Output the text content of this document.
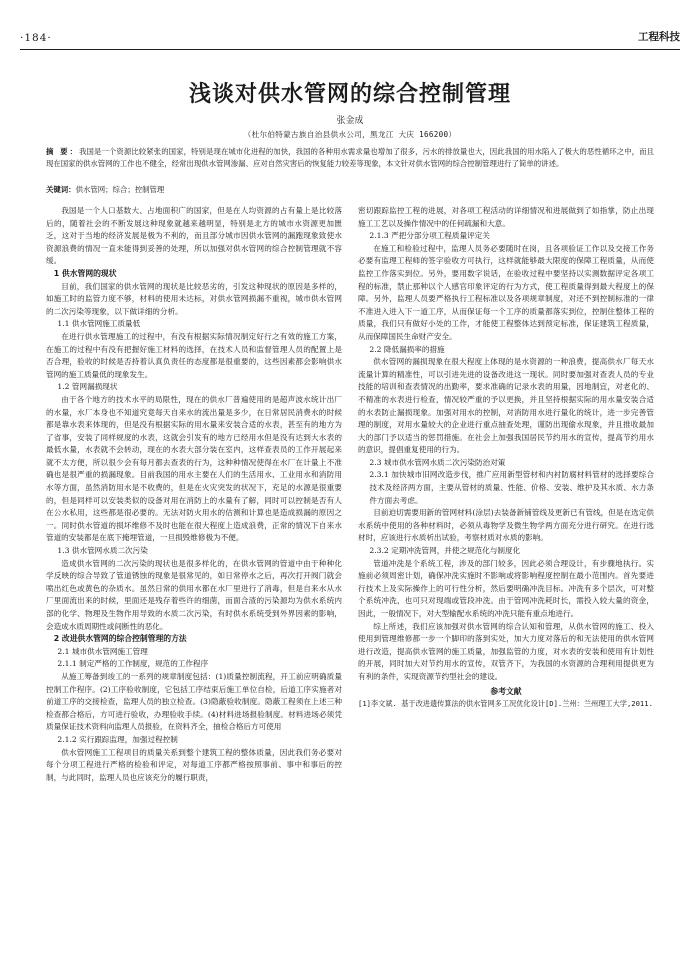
·184·	工程科技
浅谈对供水管网的综合控制管理
张金成
（杜尔伯特蒙古族自治县供水公司，黑龙江 大庆 166200）
摘 要：我国是一个资源比较紧张的国家，特别是现在城市化进程的加快，我国的各种用水需求量也增加了很多，污水的排放量也大，因此我国的用水陷入了极大的恶性循环之中，而且现在国家的供水管网的工作也不健全，经常出现供水管网渗漏、应对自然灾害后的恢复能力较差等现象，本文针对供水管网的综合控制管理进行了简单的讲述。
关键词：供水管网；综合；控制管理

我国是一个人口基数大、占地面积广的国家，但是在人均资源的占有量上是比较落后的，随着社会的不断发展这种现象就越来越明显，特别是北方的城市水资源更加匮乏，这对于当地的经济发展是极为不利的，而且部分城市因供水管网的漏跑现象致使水资源浪费的情况一直未能得到妥善的处理，所以加强对供水管网的综合控制管理就不容缓。

1 供水管网的现状

目前，我们国家的供水管网的现状是比较恶劣的，引发这种现状的原因是多样的，如施工时的监管力度不够，材料的使用未达标，对供水管网损漏不重视，城市供水管网的二次污染等现象，以下做详细的分析。

1.1 供水管网施工质量低

在进行供水管理施工的过程中，有没有根据实际情况制定好行之有效的施工方案，在施工的过程中有没有把握好施工材料的选择，在技术人员和监督管理人员的配置上是否合理，验收的时候是否持着认真负责任的态度都是很重要的，这些因素都会影响供水管网的施工质量低的现象发生。

1.2 管网漏损现状

由于各个地方的技术水平的局限性，现在的供水厂普遍使用的是超声波水统计出厂的水量，水厂本身也不知道究竟每天自来水的流出量是多少，在日常居民消费水的时候都是靠水表来体现的，但是没有根据实际的用水量来安装合适的水表，甚至有的地方为了省事，安装了同样规度的水表，这就会引发有的地方已经用水但是没有达到大水表的最低水量，水表就不会转动，现在的水表大部分装在室内，这样查表员的工作开展起来就不太方便，所以很少会有每月都去查表的行为，这种种情况使得在水厂在计量上不准确也是很严重的损漏现象。目前我国的用水主要在人们的生活用水、工业用水和消防用水等方面，虽然消防用水是不收费的，但是在火灾突发的状况下，充足的水源是很重要的，但是同样可以安装类似的设备对用在消防上的水量有了解，同时可以控制是否有人在公水私用，这些都是很必要的。无法对防火用水的估测和计算也是造成损漏的原因之一。同时供水管道的损坏维修不及时也能在很大程度上造成浪费，正常的情况下自来水管道的安装都是在底下掩埋管道，一旦损毁维修极为不便。

1.3 供水管网水质二次污染

造成供水管网的二次污染的现状也是很多样化的，在供水管网的管道中由于种种化学反映的综合导致了管道锈蚀的现象是很常见的，如日常停水之后，再次打开阀门就会喷出红色或黄色的杂质水。虽然日常的供用水都在水厂里进行了消毒，但是自来水从水厂里面流出来的时候，里面还是残存着些许的细菌，而面合渣的污染源均为供水系统内部的化学、物理及生物作用导致的水质二次污染，有时供水系统受到外界因素的影响，会造成水质周期性或间断性的恶化。

2 改进供水管网的综合控制管理的方法
2.1 城市供水管网施工管理
2.1.1 制定严格的工作制度，规范的工作程序

从施工筹备到竣工的一系列的规章制度包括：(1)质量控制流程，开工前应明确质量控制工作程序。(2)工序验收制度，它包括工序结束后施工单位自检，后道工序实施者对前道工序的交接检查，监理人员的独立检查。(3)隐蔽验收制度。隐蔽工程须在上述三种检查都合格后，方可进行验收，办理验收手续。(4)材料进场报验制度。材料进场必须凭质量保证技术资料向监理人员报验，在资料齐全，抽检合格后方可使用

2.1.2 实行跟踪监理，加强过程控制

供水管网施工工程项目的质量关系到整个建筑工程的整体质量，因此我们务必要对每个分项工程进行严格的检验和评定，对每道工序都严格按照事前、事中和事后的控制，与此同时，监理人员也应该充分的履行职责，

密切跟踪监控工程的进展，对各项工程活动的详细情况和进展做到了如指掌，防止出现施工工艺以及操作情况中的任何疏漏和大意。

2.1.3 严把分部分项工程质量评定关

在施工和检验过程中，监理人员务必要随时在岗，且各项验证工作以及交接工作务必要有监理工程师的签字验收方可执行，这样就能够最大限度的保障工程质量，从而使监控工作落实到位。另外，要用数字说话，在验收过程中要坚持以实测数据评定各项工程的标准，禁止那种以个人感官印象评定的行为方式，使工程质量得到最大程度上的保障。另外，监理人员要严格执行工程标准以及各项规章制度，对还不到控制标准的一律不准进入进入下一道工序，从而保证每一个工序的质量都落实到位，控制住整体工程的质量，我们只有做好小处的工作，才能使工程整体达到预定标准，保证建筑工程质量，从而保障国民生命财产安全。

2.2 降低漏损率的措施

供水管网的漏损现象在很大程度上体现的是水资源的一种浪费，提高供水厂每天水流量计算的精准性，可以引进先进的设备改进这一现状。同时要加强对查表人员的专业技能的培训和查表情况的出勤率，要求准确的记录水表的用量，因地制宜，对老化的、不精准的水表进行检查，情况较严重的予以更换，并且坚持根据实际的用水量安装合适的水表防止漏损现象。加强对用水的控制，对消防用水进行量化的统计，进一步完善管理的制度，对用水量较大的企业进行重点抽查处理，谨防出现偷水现象，并且推收最加大的部门予以适当的惩罚措施。在社会上加强我国居民节约用水的宣传，提高节约用水的意识，提倡重复使用的行为。

2.3 城市供水管网水质二次污染防治对策
2.3.1 加快城市旧网改造步伐，推广应用新型管材和内衬防腐材料管材的选择要综合技术及经济两方面，主要从管材的质量、性能、价格、安装、维护及其水质、水力条件方面去考虑。

目前迫切需要用新的管网材料(涂层)去装备新铺管线及更新已有管线，但是在选定供水系统中使用的各种材料时，必须从毒物学及微生物学两方面充分进行研究。在进行选材时，应该进行水质析出试验，考察材质对水质的影响。

2.3.2 定期冲洗管网，并使之规范化与制度化

管道冲洗是个系统工程，涉及的部门较多，因此必须合理设计，有步骤地执行。实施前必须周密计划，确保冲洗实施时不影响或将影响程度控制在最小范围内。首先要进行技术上及实际操作上的可行性分析，然后要明确冲洗目标。冲洗有多个层次，可对整个系统冲洗，也可只对现端或管段冲洗。由于管网冲洗耗时长，需投入较大量的资金，因此，一般情况下，对大型输配水系统的冲洗只能有重点地进行。

综上所述，我们应该加强对供水管网的综合认知和管理，从供水管网的施工、投入使用到管理维修都一步一个脚印的落到实处，加大力度对落后的和无法使用的供水管网进行改造，提高供水管网的施工质量，加强监管的力度，对水表的安装和使用有计划性的开展，同时加大对节约用水的宣传，双管齐下，为我国的水资源的合理利用提供更为有利的条件，实现资源节约型社会的建设。

参考文献
[1]李文斌. 基于改进遗传算法的供水管网多工况优化设计[D].兰州：兰州理工大学,2011.
